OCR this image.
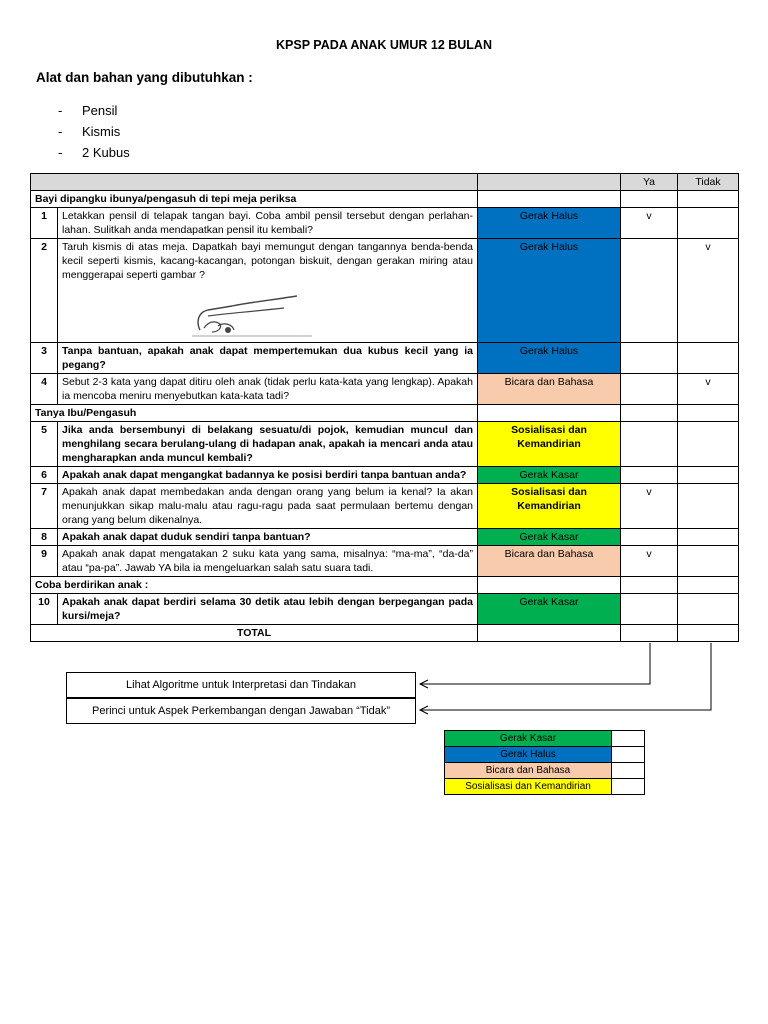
KPSP PADA ANAK UMUR 12 BULAN
Alat dan bahan yang dibutuhkan :
- Pensil
- Kismis
- 2 Kubus
			Ya	Tidak
Bayi dipangku ibunya/pengasuh di tepi meja periksa				
1	Letakkan pensil di telapak tangan bayi. Coba ambil pensil tersebut dengan perlahan-lahan. Sulitkah anda mendapatkan pensil itu kembali?	Gerak Halus	v	
2	Taruh kismis di atas meja. Dapatkah bayi memungut dengan tangannya benda-benda kecil seperti kismis, kacang-kacangan, potongan biskuit, dengan gerakan miring atau menggerapai seperti gambar ?	Gerak Halus		v
3	Tanpa bantuan, apakah anak dapat mempertemukan dua kubus kecil yang ia pegang?	Gerak Halus		
4	Sebut 2-3 kata yang dapat ditiru oleh anak (tidak perlu kata-kata yang lengkap). Apakah ia mencoba meniru menyebutkan kata-kata tadi?	Bicara dan Bahasa		v
Tanya Ibu/Pengasuh				
5	Jika anda bersembunyi di belakang sesuatu/di pojok, kemudian muncul dan menghilang secara berulang-ulang di hadapan anak, apakah ia mencari anda atau mengharapkan anda muncul kembali?	Sosialisasi dan Kemandirian		
6	Apakah anak dapat mengangkat badannya ke posisi berdiri tanpa bantuan anda?	Gerak Kasar		
7	Apakah anak dapat membedakan anda dengan orang yang belum ia kenal? Ia akan menunjukkan sikap malu-malu atau ragu-ragu pada saat permulaan bertemu dengan orang yang belum dikenalnya.	Sosialisasi dan Kemandirian	v	
8	Apakah anak dapat duduk sendiri tanpa bantuan?	Gerak Kasar		
9	Apakah anak dapat mengatakan 2 suku kata yang sama, misalnya: “ma-ma”, “da-da” atau “pa-pa”. Jawab YA bila ia mengeluarkan salah satu suara tadi.	Bicara dan Bahasa	v	
Coba berdirikan anak :				
10	Apakah anak dapat berdiri selama 30 detik atau lebih dengan berpegangan pada kursi/meja?	Gerak Kasar		
TOTAL				
Lihat Algoritme untuk Interpretasi dan Tindakan
Perinci untuk Aspek Perkembangan dengan Jawaban “Tidak”
Gerak Kasar	
Gerak Halus	
Bicara dan Bahasa	
Sosialisasi dan Kemandirian	
